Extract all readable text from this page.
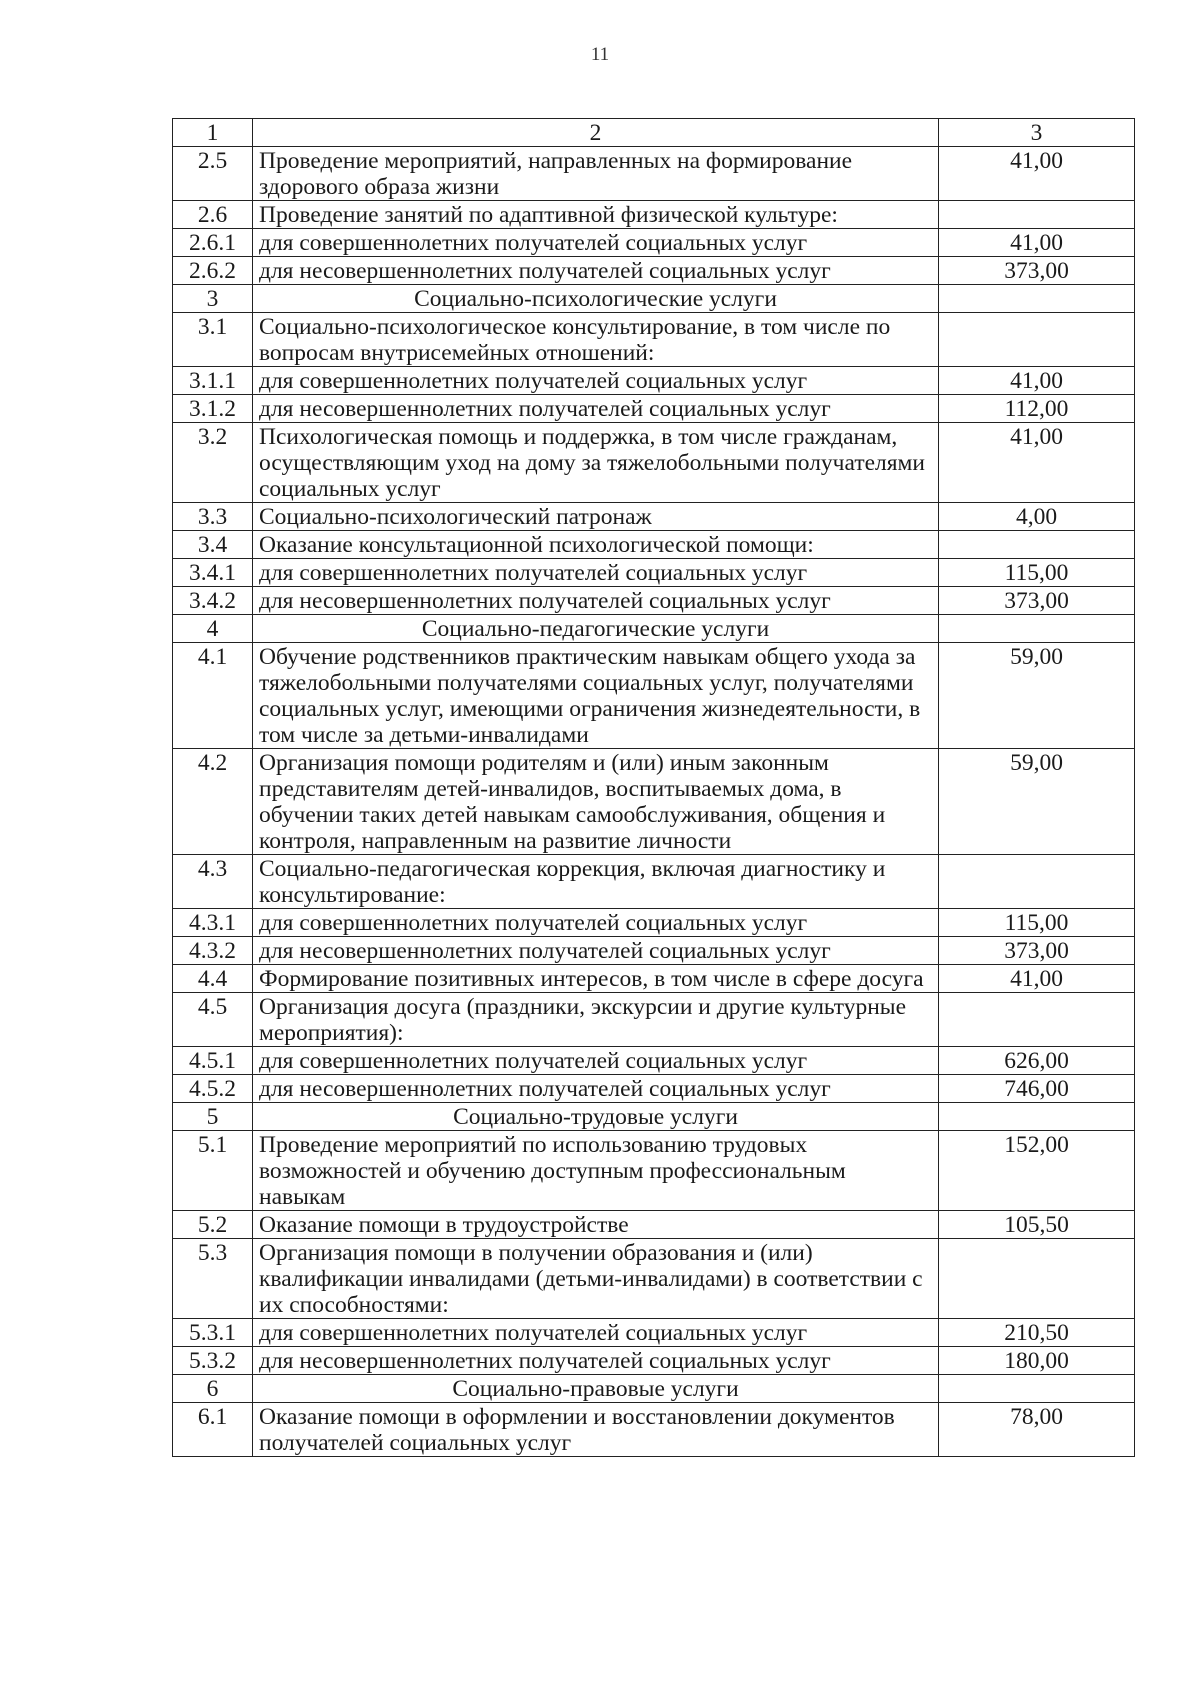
11
1	2	3
2.5	Проведение мероприятий, направленных на формирование здорового образа жизни	41,00
2.6	Проведение занятий по адаптивной физической культуре:	
2.6.1	для совершеннолетних получателей социальных услуг	41,00
2.6.2	для несовершеннолетних получателей социальных услуг	373,00
3	Социально-психологические услуги	
3.1	Социально-психологическое консультирование, в том числе по вопросам внутрисемейных отношений:	
3.1.1	для совершеннолетних получателей социальных услуг	41,00
3.1.2	для несовершеннолетних получателей социальных услуг	112,00
3.2	Психологическая помощь и поддержка, в том числе гражданам, осуществляющим уход на дому за тяжелобольными получателями социальных услуг	41,00
3.3	Социально-психологический патронаж	4,00
3.4	Оказание консультационной психологической помощи:	
3.4.1	для совершеннолетних получателей социальных услуг	115,00
3.4.2	для несовершеннолетних получателей социальных услуг	373,00
4	Социально-педагогические услуги	
4.1	Обучение родственников практическим навыкам общего ухода за тяжелобольными получателями социальных услуг, получателями социальных услуг, имеющими ограничения жизнедеятельности, в том числе за детьми-инвалидами	59,00
4.2	Организация помощи родителям и (или) иным законным представителям детей-инвалидов, воспитываемых дома, в обучении таких детей навыкам самообслуживания, общения и контроля, направленным на развитие личности	59,00
4.3	Социально-педагогическая коррекция, включая диагностику и консультирование:	
4.3.1	для совершеннолетних получателей социальных услуг	115,00
4.3.2	для несовершеннолетних получателей социальных услуг	373,00
4.4	Формирование позитивных интересов, в том числе в сфере досуга	41,00
4.5	Организация досуга (праздники, экскурсии и другие культурные мероприятия):	
4.5.1	для совершеннолетних получателей социальных услуг	626,00
4.5.2	для несовершеннолетних получателей социальных услуг	746,00
5	Социально-трудовые услуги	
5.1	Проведение мероприятий по использованию трудовых возможностей и обучению доступным профессиональным навыкам	152,00
5.2	Оказание помощи в трудоустройстве	105,50
5.3	Организация помощи в получении образования и (или) квалификации инвалидами (детьми-инвалидами) в соответствии с их способностями:	
5.3.1	для совершеннолетних получателей социальных услуг	210,50
5.3.2	для несовершеннолетних получателей социальных услуг	180,00
6	Социально-правовые услуги	
6.1	Оказание помощи в оформлении и восстановлении документов получателей социальных услуг	78,00
